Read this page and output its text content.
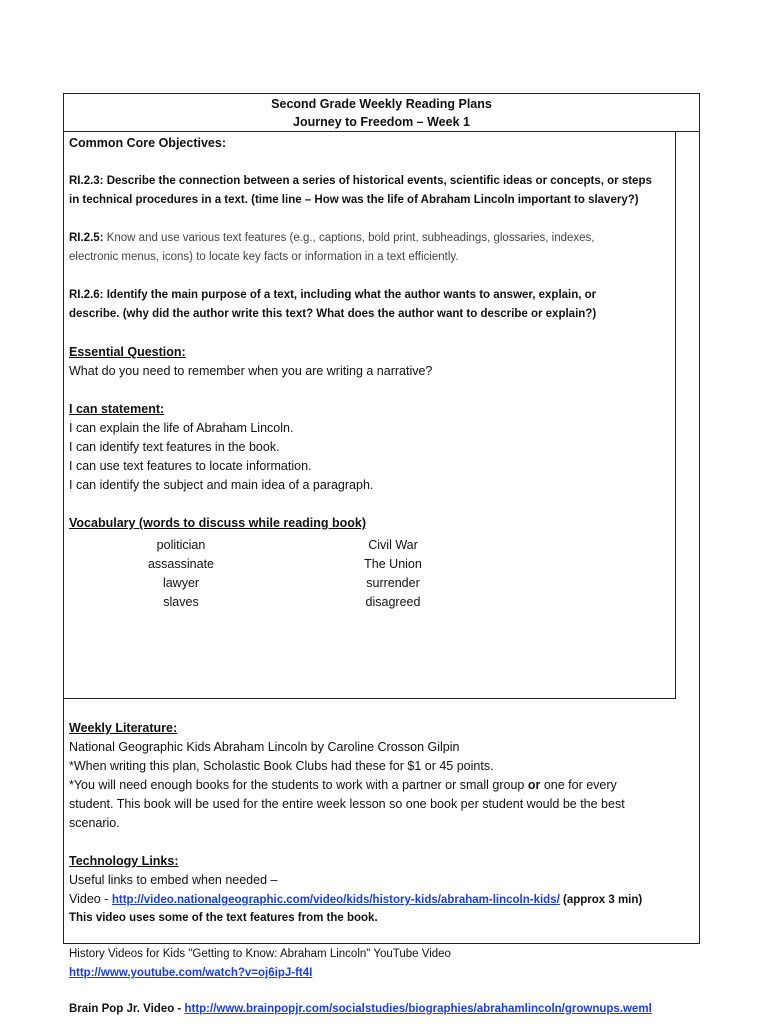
Second Grade Weekly Reading Plans
Journey to Freedom – Week 1
Common Core Objectives:
RI.2.3: Describe the connection between a series of historical events, scientific ideas or concepts, or steps
in technical procedures in a text. (time line – How was the life of Abraham Lincoln important to slavery?)
RI.2.5: Know and use various text features (e.g., captions, bold print, subheadings, glossaries, indexes,
electronic menus, icons) to locate key facts or information in a text efficiently.
RI.2.6: Identify the main purpose of a text, including what the author wants to answer, explain, or
describe. (why did the author write this text? What does the author want to describe or explain?)
Essential Question:
What do you need to remember when you are writing a narrative?
I can statement:
I can explain the life of Abraham Lincoln.
I can identify text features in the book.
I can use text features to locate information.
I can identify the subject and main idea of a paragraph.
Vocabulary (words to discuss while reading book)
politician	Civil War
assassinate	The Union
lawyer	surrender
slaves	disagreed
Weekly Literature:
National Geographic Kids Abraham Lincoln by Caroline Crosson Gilpin
*When writing this plan, Scholastic Book Clubs had these for $1 or 45 points.
*You will need enough books for the students to work with a partner or small group or one for every
student. This book will be used for the entire week lesson so one book per student would be the best
scenario.
Technology Links:
Useful links to embed when needed –
Video - http://video.nationalgeographic.com/video/kids/history-kids/abraham-lincoln-kids/ (approx 3 min)
This video uses some of the text features from the book.
History Videos for Kids "Getting to Know: Abraham Lincoln" YouTube Video
http://www.youtube.com/watch?v=oj6ipJ-ft4I
Brain Pop Jr. Video - http://www.brainpopjr.com/socialstudies/biographies/abrahamlincoln/grownups.weml
